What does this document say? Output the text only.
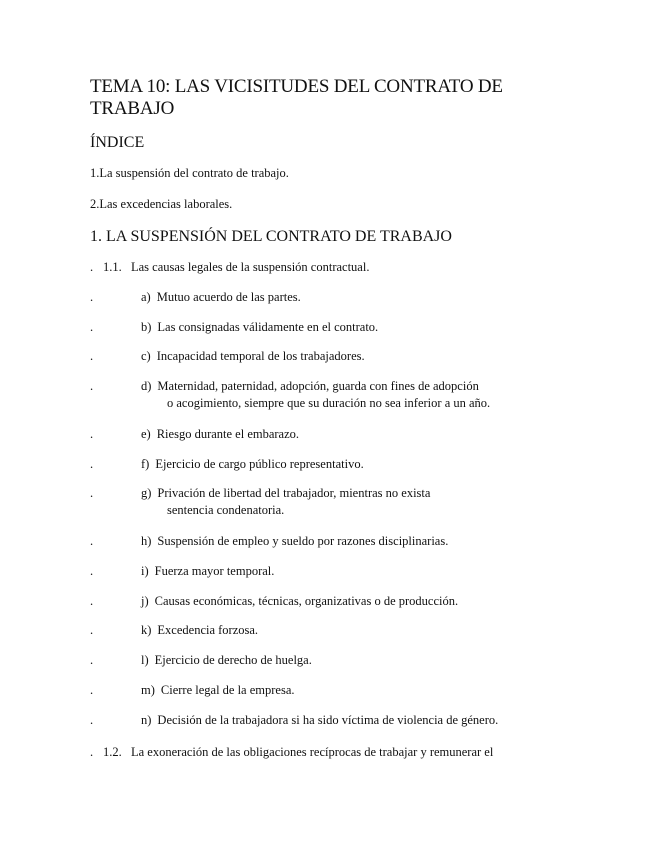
TEMA 10: LAS VICISITUDES DEL CONTRATO DE TRABAJO
ÍNDICE
1.La suspensión del contrato de trabajo.
2.Las excedencias laborales.
1. LA SUSPENSIÓN DEL CONTRATO DE TRABAJO
. 1.1. Las causas legales de la suspensión contractual.
.	a) Mutuo acuerdo de las partes.
.	b) Las consignadas válidamente en el contrato.
.	c) Incapacidad temporal de los trabajadores.
.	d) Maternidad, paternidad, adopción, guarda con fines de adopción
o acogimiento, siempre que su duración no sea inferior a un año.
.	e) Riesgo durante el embarazo.
.	f) Ejercicio de cargo público representativo.
.	g) Privación de libertad del trabajador, mientras no exista
sentencia condenatoria.
.	h) Suspensión de empleo y sueldo por razones disciplinarias.
.	i) Fuerza mayor temporal.
.	j) Causas económicas, técnicas, organizativas o de producción.
.	k) Excedencia forzosa.
.	l) Ejercicio de derecho de huelga.
.	m) Cierre legal de la empresa.
.	n) Decisión de la trabajadora si ha sido víctima de violencia de género.
. 1.2. La exoneración de las obligaciones recíprocas de trabajar y remunerar el
